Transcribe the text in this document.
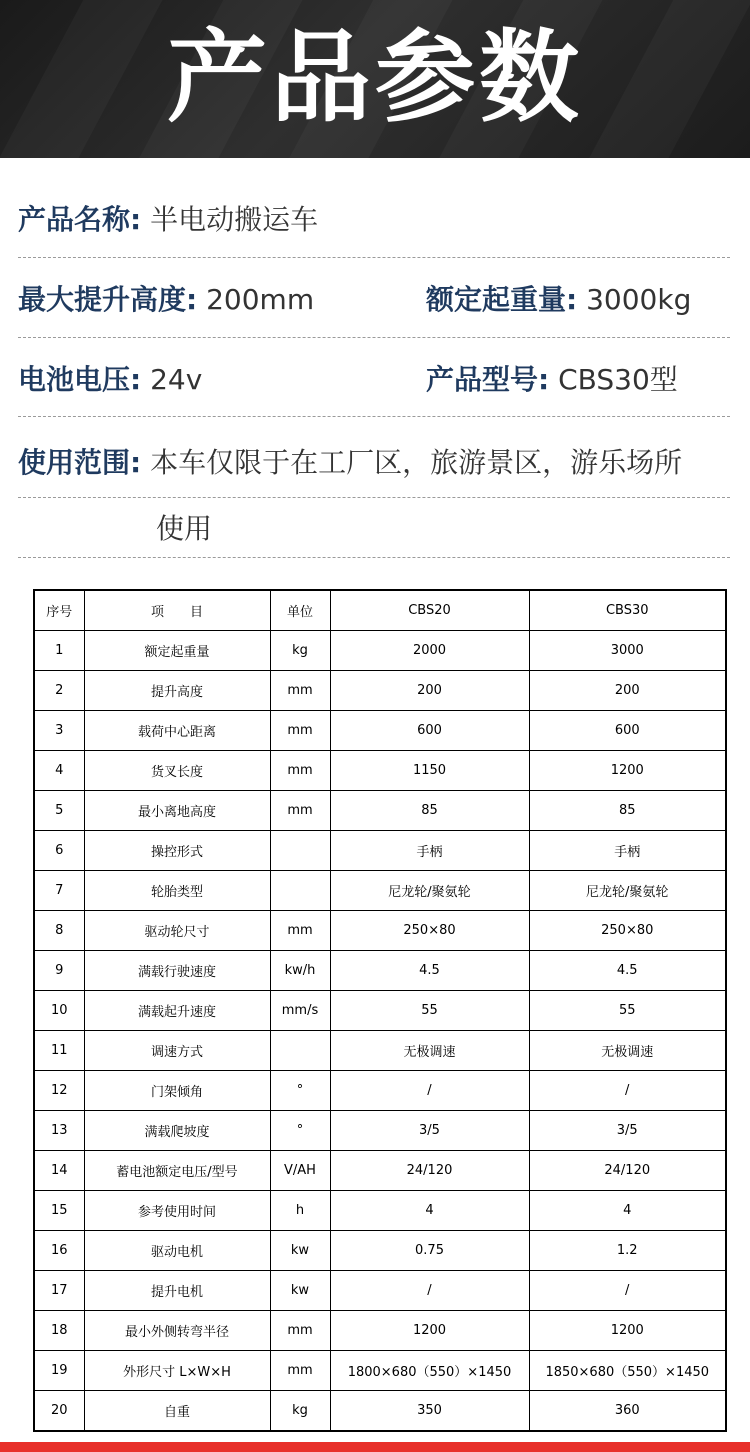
产品参数
产品名称: 半电动搬运车
最大提升高度: 200mm	额定起重量: 3000kg
电池电压: 24v	产品型号: CBS30型
使用范围: 本车仅限于在工厂区，旅游景区，游乐场所
使用
序号	项　　目	单位	CBS20	CBS30
1	额定起重量	kg	2000	3000
2	提升高度	mm	200	200
3	载荷中心距离	mm	600	600
4	货叉长度	mm	1150	1200
5	最小离地高度	mm	85	85
6	操控形式		手柄	手柄
7	轮胎类型		尼龙轮/聚氨轮	尼龙轮/聚氨轮
8	驱动轮尺寸	mm	250×80	250×80
9	满载行驶速度	kw/h	4.5	4.5
10	满载起升速度	mm/s	55	55
11	调速方式		无极调速	无极调速
12	门架倾角	°	/	/
13	满载爬坡度	°	3/5	3/5
14	蓄电池额定电压/型号	V/AH	24/120	24/120
15	参考使用时间	h	4	4
16	驱动电机	kw	0.75	1.2
17	提升电机	kw	/	/
18	最小外侧转弯半径	mm	1200	1200
19	外形尺寸 L×W×H	mm	1800×680（550）×1450	1850×680（550）×1450
20	自重	kg	350	360
